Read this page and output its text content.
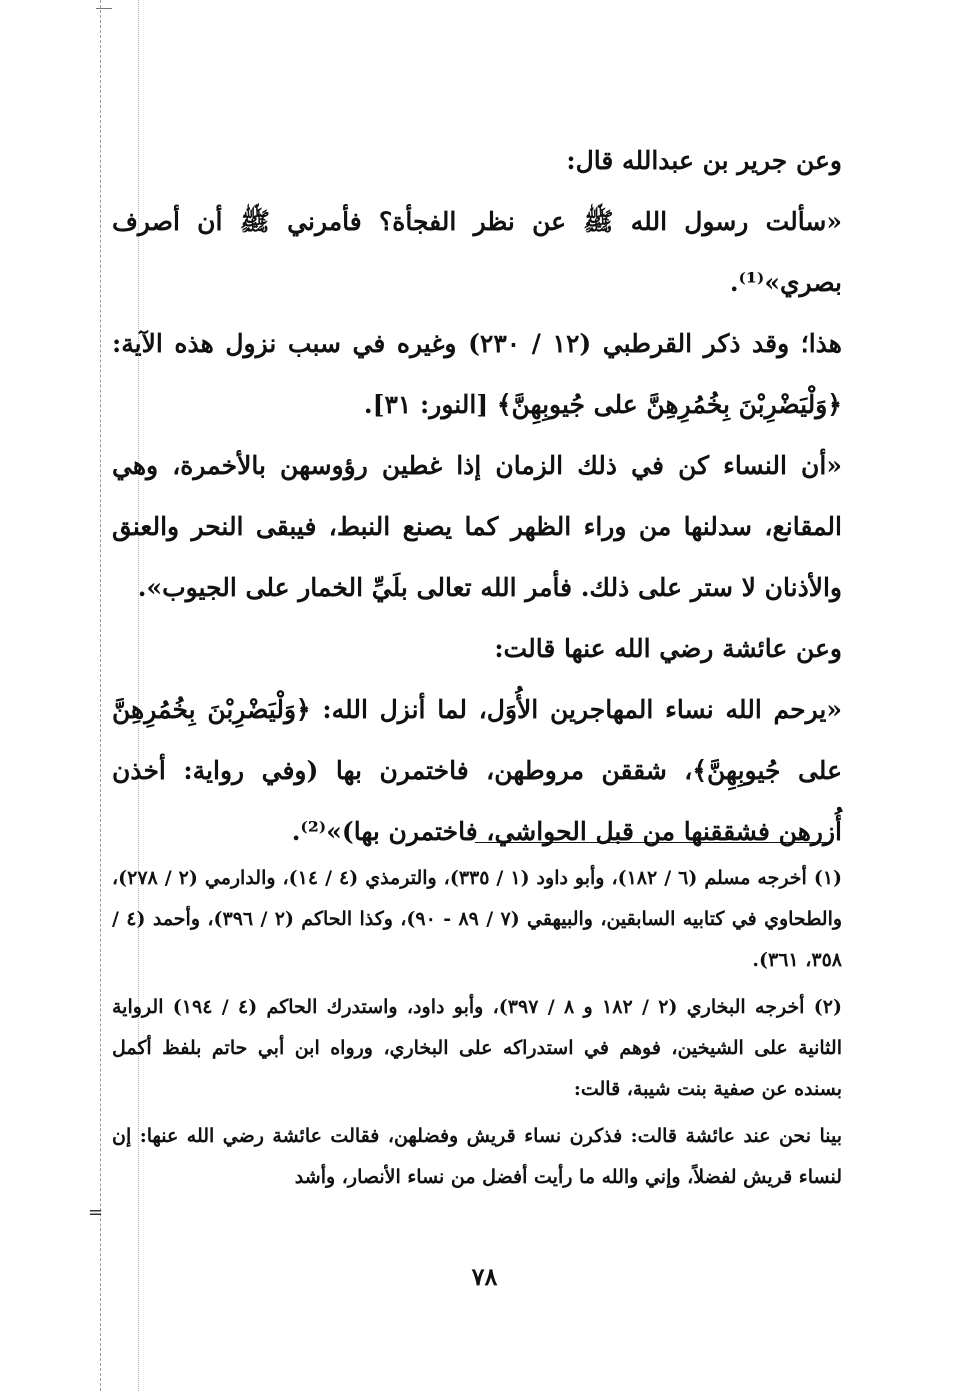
وعن جرير بن عبدالله قال:

«سألت رسول الله ﷺ عن نظر الفجأة؟ فأمرني ﷺ أن أصرف بصري»⁽¹⁾.

هذا؛ وقد ذكر القرطبي (١٢ / ٢٣٠) وغيره في سبب نزول هذه الآية: ﴿وَلْيَضْرِبْنَ بِخُمُرِهِنَّ على جُيوبِهِنَّ﴾ [النور: ٣١].

«أن النساء كن في ذلك الزمان إذا غطين رؤوسهن بالأخمرة، وهي المقانع، سدلنها من وراء الظهر كما يصنع النبط، فيبقى النحر والعنق والأذنان لا ستر على ذلك. فأمر الله تعالى بلَيِّ الخمار على الجيوب».

وعن عائشة رضي الله عنها قالت:

«يرحم الله نساء المهاجرين الأُوَل، لما أنزل الله: ﴿وَلْيَضْرِبْنَ بِخُمُرِهِنَّ على جُيوبِهِنَّ﴾، شققن مروطهن، فاختمرن بها (وفي رواية: أخذن أُزرهن فشققنها من قبل الحواشي، فاختمرن بها)»⁽²⁾.

(١) أخرجه مسلم (٦ / ١٨٢)، وأبو داود (١ / ٣٣٥)، والترمذي (٤ / ١٤)، والدارمي (٢ / ٢٧٨)، والطحاوي في كتابيه السابقين، والبيهقي (٧ / ٨٩ - ٩٠)، وكذا الحاكم (٢ / ٣٩٦)، وأحمد (٤ / ٣٥٨، ٣٦١).

(٢) أخرجه البخاري (٢ / ١٨٢ و ٨ / ٣٩٧)، وأبو داود، واستدرك الحاكم (٤ / ١٩٤) الرواية الثانية على الشيخين، فوهم في استدراكه على البخاري، ورواه ابن أبي حاتم بلفظ أكمل بسنده عن صفية بنت شيبة، قالت:

بينا نحن عند عائشة قالت: فذكرن نساء قريش وفضلهن، فقالت عائشة رضي الله عنها: إن لنساء قريش لفضلاً، وإني والله ما رأيت أفضل من نساء الأنصار، وأشد

=
٧٨
